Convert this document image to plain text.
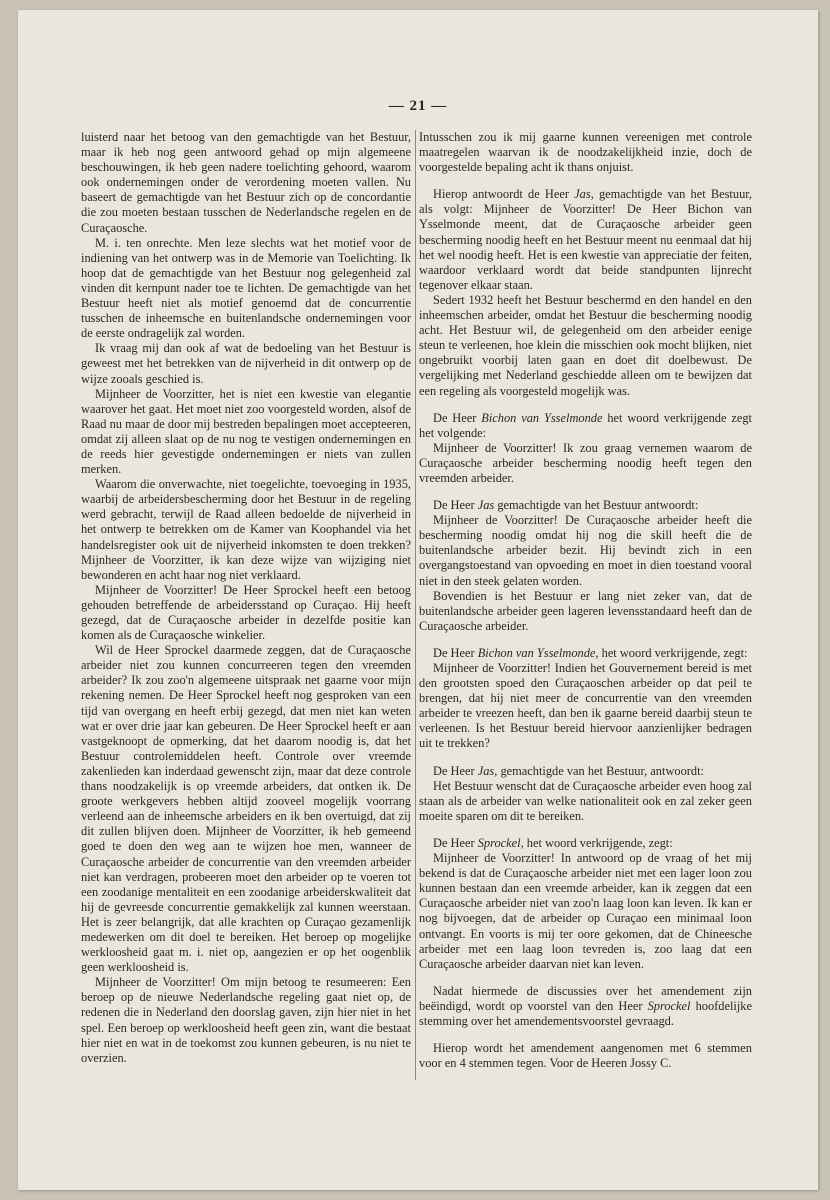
— 21 —

luisterd naar het betoog van den gemachtigde van het Bestuur, maar ik heb nog geen antwoord gehad op mijn algemeene beschouwingen, ik heb geen nadere toelichting gehoord, waarom ook ondernemingen onder de verordening moeten vallen. Nu baseert de gemachtigde van het Bestuur zich op de concordantie die zou moeten bestaan tusschen de Nederlandsche regelen en de Curaçaosche.

M. i. ten onrechte. Men leze slechts wat het motief voor de indiening van het ontwerp was in de Memorie van Toelichting. Ik hoop dat de gemachtigde van het Bestuur nog gelegenheid zal vinden dit kernpunt nader toe te lichten. De gemachtigde van het Bestuur heeft niet als motief genoemd dat de concurrentie tusschen de inheemsche en buitenlandsche ondernemingen voor de eerste ondragelijk zal worden.

Ik vraag mij dan ook af wat de bedoeling van het Bestuur is geweest met het betrekken van de nijverheid in dit ontwerp op de wijze zooals geschied is.

Mijnheer de Voorzitter, het is niet een kwestie van elegantie waarover het gaat. Het moet niet zoo voorgesteld worden, alsof de Raad nu maar de door mij bestreden bepalingen moet accepteeren, omdat zij alleen slaat op de nu nog te vestigen ondernemingen en de reeds hier gevestigde ondernemingen er niets van zullen merken.

Waarom die onverwachte, niet toegelichte, toevoeging in 1935, waarbij de arbeidersbescherming door het Bestuur in de regeling werd gebracht, terwijl de Raad alleen bedoelde de nijverheid in het ontwerp te betrekken om de Kamer van Koophandel via het handelsregister ook uit de nijverheid inkomsten te doen trekken? Mijnheer de Voorzitter, ik kan deze wijze van wijziging niet bewonderen en acht haar nog niet verklaard.

Mijnheer de Voorzitter! De Heer Sprockel heeft een betoog gehouden betreffende de arbeidersstand op Curaçao. Hij heeft gezegd, dat de Curaçaosche arbeider in dezelfde positie kan komen als de Curaçaosche winkelier.

Wil de Heer Sprockel daarmede zeggen, dat de Curaçaosche arbeider niet zou kunnen concurreeren tegen den vreemden arbeider? Ik zou zoo'n algemeene uitspraak net gaarne voor mijn rekening nemen. De Heer Sprockel heeft nog gesproken van een tijd van overgang en heeft erbij gezegd, dat men niet kan weten wat er over drie jaar kan gebeuren. De Heer Sprockel heeft er aan vastgeknoopt de opmerking, dat het daarom noodig is, dat het Bestuur controlemiddelen heeft. Controle over vreemde zakenlieden kan inderdaad gewenscht zijn, maar dat deze controle thans noodzakelijk is op vreemde arbeiders, dat ontken ik. De groote werkgevers hebben altijd zooveel mogelijk voorrang verleend aan de inheemsche arbeiders en ik ben overtuigd, dat zij dit zullen blijven doen. Mijnheer de Voorzitter, ik heb gemeend goed te doen den weg aan te wijzen hoe men, wanneer de Curaçaosche arbeider de concurrentie van den vreemden arbeider niet kan verdragen, probeeren moet den arbeider op te voeren tot een zoodanige mentaliteit en een zoodanige arbeiderskwaliteit dat hij de gevreesde concurrentie gemakkelijk zal kunnen weerstaan. Het is zeer belangrijk, dat alle krachten op Curaçao gezamenlijk medewerken om dit doel te bereiken. Het beroep op mogelijke werkloosheid gaat m. i. niet op, aangezien er op het oogenblik geen werkloosheid is.

Mijnheer de Voorzitter! Om mijn betoog te resumeeren: Een beroep op de nieuwe Nederlandsche regeling gaat niet op, de redenen die in Nederland den doorslag gaven, zijn hier niet in het spel. Een beroep op werkloosheid heeft geen zin, want die bestaat hier niet en wat in de toekomst zou kunnen gebeuren, is nu niet te overzien.

Intusschen zou ik mij gaarne kunnen vereenigen met controle maatregelen waarvan ik de noodzakelijkheid inzie, doch de voorgestelde bepaling acht ik thans onjuist.

Hierop antwoordt de Heer Jas, gemachtigde van het Bestuur, als volgt: Mijnheer de Voorzitter! De Heer Bichon van Ysselmonde meent, dat de Curaçaosche arbeider geen bescherming noodig heeft en het Bestuur meent nu eenmaal dat hij het wel noodig heeft. Het is een kwestie van appreciatie der feiten, waardoor verklaard wordt dat beide standpunten lijnrecht tegenover elkaar staan.

Sedert 1932 heeft het Bestuur beschermd en den handel en den inheemschen arbeider, omdat het Bestuur die bescherming noodig acht. Het Bestuur wil, de gelegenheid om den arbeider eenige steun te verleenen, hoe klein die misschien ook mocht blijken, niet ongebruikt voorbij laten gaan en doet dit doelbewust. De vergelijking met Nederland geschiedde alleen om te bewijzen dat een regeling als voorgesteld mogelijk was.

De Heer Bichon van Ysselmonde het woord verkrijgende zegt het volgende:

Mijnheer de Voorzitter! Ik zou graag vernemen waarom de Curaçaosche arbeider bescherming noodig heeft tegen den vreemden arbeider.

De Heer Jas gemachtigde van het Bestuur antwoordt:

Mijnheer de Voorzitter! De Curaçaosche arbeider heeft die bescherming noodig omdat hij nog die skill heeft die de buitenlandsche arbeider bezit. Hij bevindt zich in een overgangstoestand van opvoeding en moet in dien toestand vooral niet in den steek gelaten worden.

Bovendien is het Bestuur er lang niet zeker van, dat de buitenlandsche arbeider geen lageren levensstandaard heeft dan de Curaçaosche arbeider.

De Heer Bichon van Ysselmonde, het woord verkrijgende, zegt:

Mijnheer de Voorzitter! Indien het Gouvernement bereid is met den grootsten spoed den Curaçaoschen arbeider op dat peil te brengen, dat hij niet meer de concurrentie van den vreemden arbeider te vreezen heeft, dan ben ik gaarne bereid daarbij steun te verleenen. Is het Bestuur bereid hiervoor aanzienlijker bedragen uit te trekken?

De Heer Jas, gemachtigde van het Bestuur, antwoordt:

Het Bestuur wenscht dat de Curaçaosche arbeider even hoog zal staan als de arbeider van welke nationaliteit ook en zal zeker geen moeite sparen om dit te bereiken.

De Heer Sprockel, het woord verkrijgende, zegt:

Mijnheer de Voorzitter! In antwoord op de vraag of het mij bekend is dat de Curaçaosche arbeider niet met een lager loon zou kunnen bestaan dan een vreemde arbeider, kan ik zeggen dat een Curaçaosche arbeider niet van zoo'n laag loon kan leven. Ik kan er nog bijvoegen, dat de arbeider op Curaçao een minimaal loon ontvangt. En voorts is mij ter oore gekomen, dat de Chineesche arbeider met een laag loon tevreden is, zoo laag dat een Curaçaosche arbeider daarvan niet kan leven.

Nadat hiermede de discussies over het amendement zijn beëindigd, wordt op voorstel van den Heer Sprockel hoofdelijke stemming over het amendementsvoorstel gevraagd.

Hierop wordt het amendement aangenomen met 6 stemmen voor en 4 stemmen tegen. Voor de Heeren Jossy C.
